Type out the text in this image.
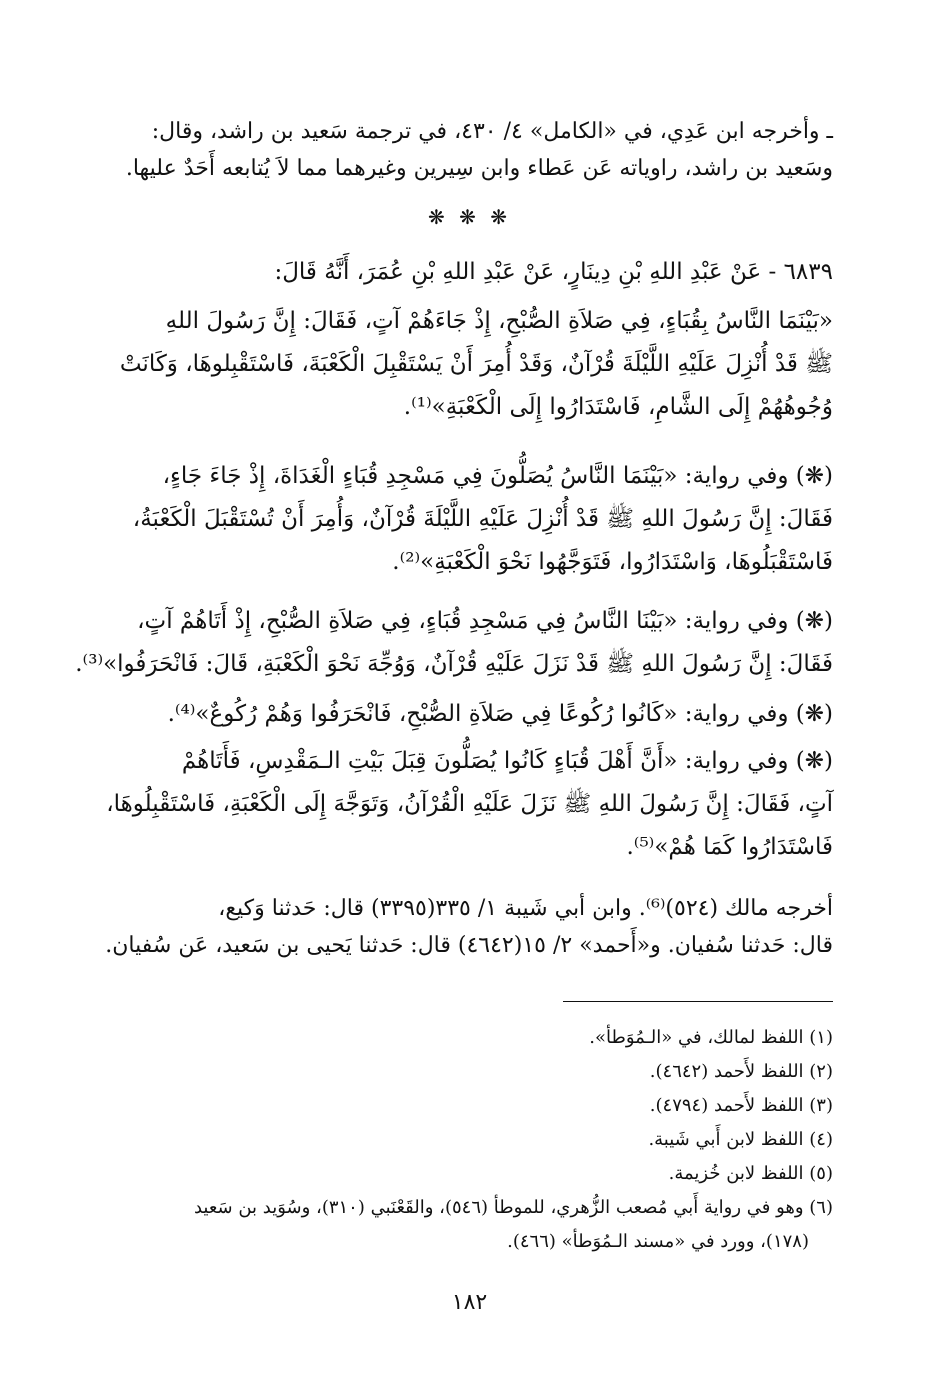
ـ وأخرجه ابن عَدِي، في «الكامل» ٤/ ٤٣٠، في ترجمة سَعيد بن راشد، وقال:
وسَعيد بن راشد، راوياته عَن عَطاء وابن سِيرين وغيرهما مما لاَ يُتابعه أَحَدٌ عليها.
❋ ❋ ❋
٦٨٣٩ - عَنْ عَبْدِ اللهِ بْنِ دِينَارٍ، عَنْ عَبْدِ اللهِ بْنِ عُمَرَ، أَنَّهُ قَالَ:
«بَيْنَمَا النَّاسُ بِقُبَاءٍ، فِي صَلاَةِ الصُّبْحِ، إِذْ جَاءَهُمْ آتٍ، فَقَالَ: إِنَّ رَسُولَ اللهِ
ﷺ قَدْ أُنْزِلَ عَلَيْهِ اللَّيْلَةَ قُرْآنٌ، وَقَدْ أُمِرَ أَنْ يَسْتَقْبِلَ الْكَعْبَةَ، فَاسْتَقْبِلوهَا، وَكَانَتْ
وُجُوهُهُمْ إِلَى الشَّامِ، فَاسْتَدَارُوا إِلَى الْكَعْبَةِ»⁽¹⁾.
(❋) وفي رواية: «بَيْنَمَا النَّاسُ يُصَلُّونَ فِي مَسْجِدِ قُبَاءٍ الْغَدَاةَ، إِذْ جَاءَ جَاءٍ،
فَقَالَ: إِنَّ رَسُولَ اللهِ ﷺ قَدْ أُنْزِلَ عَلَيْهِ اللَّيْلَةَ قُرْآنٌ، وَأُمِرَ أَنْ تُسْتَقْبَلَ الْكَعْبَةُ،
فَاسْتَقْبَلُوهَا، وَاسْتَدَارُوا، فَتَوَجَّهُوا نَحْوَ الْكَعْبَةِ»⁽²⁾.
(❋) وفي رواية: «بَيْنَا النَّاسُ فِي مَسْجِدِ قُبَاءٍ، فِي صَلاَةِ الصُّبْحِ، إِذْ أَتَاهُمْ آتٍ،
فَقَالَ: إِنَّ رَسُولَ اللهِ ﷺ قَدْ نَزَلَ عَلَيْهِ قُرْآنٌ، وَوُجِّهَ نَحْوَ الْكَعْبَةِ، قَالَ: فَانْحَرَفُوا»⁽³⁾.
(❋) وفي رواية: «كَانُوا رُكُوعًا فِي صَلاَةِ الصُّبْحِ، فَانْحَرَفُوا وَهُمْ رُكُوعٌ»⁽⁴⁾.
(❋) وفي رواية: «أَنَّ أَهْلَ قُبَاءٍ كَانُوا يُصَلُّونَ قِبَلَ بَيْتِ الـمَقْدِسِ، فَأَتَاهُمْ
آتٍ، فَقَالَ: إِنَّ رَسُولَ اللهِ ﷺ نَزَلَ عَلَيْهِ الْقُرْآنُ، وَتَوَجَّهَ إِلَى الْكَعْبَةِ، فَاسْتَقْبِلُوهَا،
فَاسْتَدَارُوا كَمَا هُمْ»⁽⁵⁾.
أخرجه مالك (٥٢٤)⁽⁶⁾. وابن أبي شَيبة ١/ ٣٣٥(٣٣٩٥) قال: حَدثنا وَكيع،
قال: حَدثنا سُفيان. و«أَحمد» ٢/ ١٥(٤٦٤٢) قال: حَدثنا يَحيى بن سَعيد، عَن سُفيان.
(١) اللفظ لمالك، في «الـمُوَطأ».
(٢) اللفظ لأَحمد (٤٦٤٢).
(٣) اللفظ لأَحمد (٤٧٩٤).
(٤) اللفظ لابن أَبي شَيبة.
(٥) اللفظ لابن خُزيمة.
(٦) وهو في رواية أَبي مُصعب الزُّهري، للموطأ (٥٤٦)، والقَعْنَبي (٣١٠)، وسُوَيد بن سَعيد
(١٧٨)، وورد في «مسند الـمُوَطأ» (٤٦٦).
١٨٢
